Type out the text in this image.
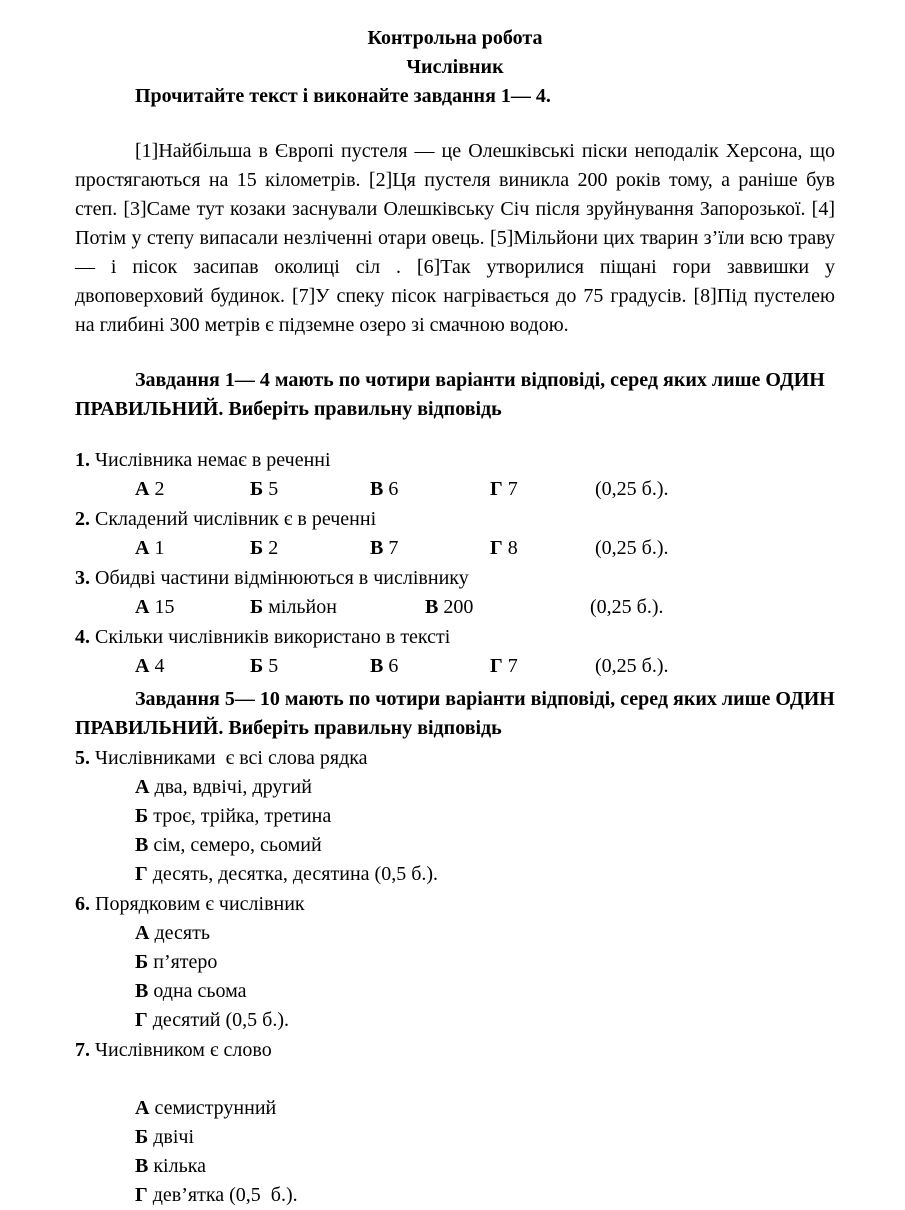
Контрольна робота
Числівник
Прочитайте текст і виконайте завдання 1— 4.
[1]Найбільша в Європі пустеля — це Олешківські піски неподалік Херсона, що простягаються на 15 кілометрів. [2]Ця пустеля виникла 200 років тому, а раніше був степ. [3]Саме тут козаки заснували Олешківську Січ після зруйнування Запорозької. [4] Потім у степу випасали незліченні отари овець. [5]Мільйони цих тварин з’їли всю траву — і пісок засипав околиці сіл . [6]Так утворилися піщані гори заввишки у двоповерховий будинок. [7]У спеку пісок нагрівається до 75 градусів. [8]Під пустелею на глибині 300 метрів є підземне озеро зі смачною водою.
Завдання 1— 4 мають по чотири варіанти відповіді, серед яких лише ОДИН ПРАВИЛЬНИЙ. Виберіть правильну відповідь
1. Числівника немає в реченні
А 2	Б 5	В 6	Г 7	(0,25 б.).
2. Складений числівник є в реченні
А 1	Б 2	В 7	Г 8	(0,25 б.).
3. Обидві частини відмінюються в числівнику
А 15	Б мільйон	В 200	(0,25 б.).
4. Скільки числівників використано в тексті
А 4	Б 5	В 6	Г 7	(0,25 б.).
Завдання 5— 10 мають по чотири варіанти відповіді, серед яких лише ОДИН ПРАВИЛЬНИЙ. Виберіть правильну відповідь
5. Числівниками  є всі слова рядка
А два, вдвічі, другий
Б троє, трійка, третина
В сім, семеро, сьомий
Г десять, десятка, десятина (0,5 б.).
6. Порядковим є числівник
А десять
Б п’ятеро
В одна сьома
Г десятий (0,5 б.).
7. Числівником є слово
А семиструнний
Б двічі
В кілька
Г дев’ятка (0,5  б.).
